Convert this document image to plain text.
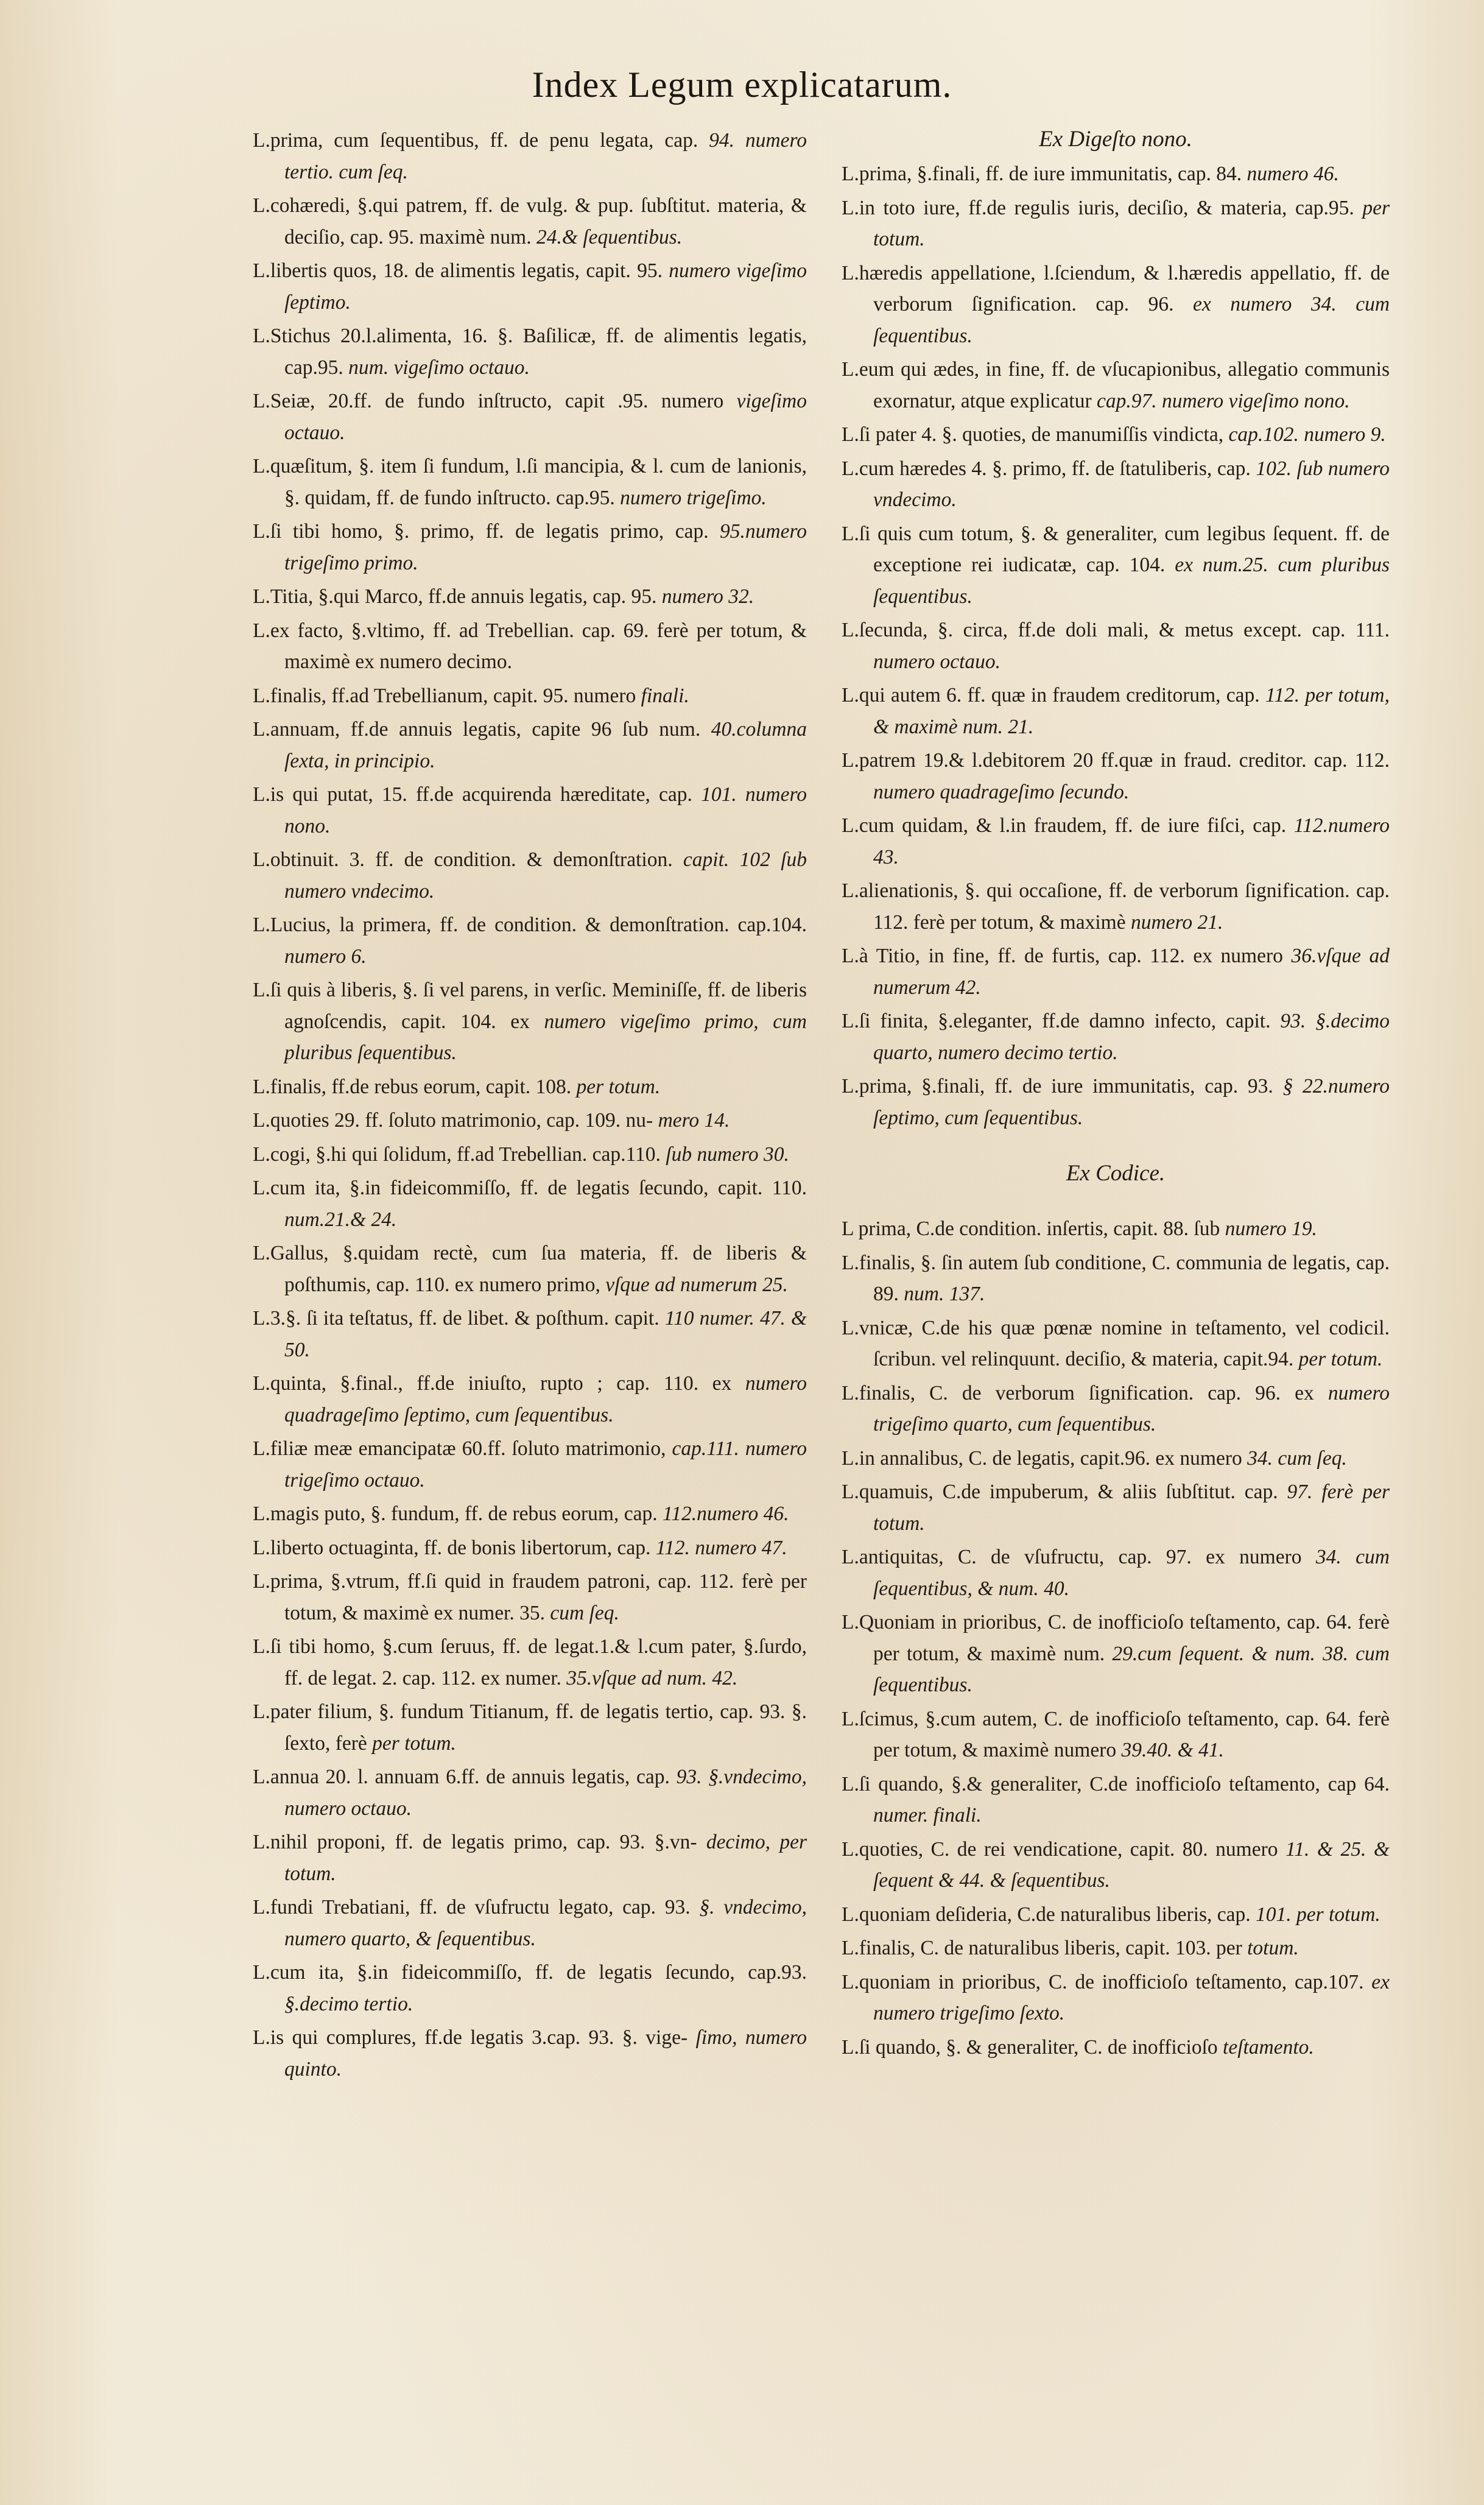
Index Legum explicatarum.

L.prima, cum ſequentibus, ff. de penu legata, cap. 94. numero tertio. cum ſeq.

L.cohæredi, §.qui patrem, ff. de vulg. & pup. ſubſtitut. materia, & deciſio, cap. 95. maximè num. 24.& ſequentibus.

L.libertis quos, 18. de alimentis legatis, capit. 95. numero vigeſimo ſeptimo.

L.Stichus 20.l.alimenta, 16. §. Baſilicæ, ff. de alimentis legatis, cap.95. num. vigeſimo octauo.

L.Seiæ, 20.ff. de fundo inſtructo, capit .95. numero vigeſimo octauo.

L.quæſitum, §. item ſi fundum, l.ſi mancipia, & l. cum de lanionis, §. quidam, ff. de fundo inſtructo. cap.95. numero trigeſimo.

L.ſi tibi homo, §. primo, ff. de legatis primo, cap. 95.numero trigeſimo primo.

L.Titia, §.qui Marco, ff.de annuis legatis, cap. 95. numero 32.

L.ex facto, §.vltimo, ff. ad Trebellian. cap. 69. ferè per totum, & maximè ex numero decimo.

L.finalis, ff.ad Trebellianum, capit. 95. numero finali.

L.annuam, ff.de annuis legatis, capite 96 ſub num. 40.columna ſexta, in principio.

L.is qui putat, 15. ff.de acquirenda hæreditate, cap. 101. numero nono.

L.obtinuit. 3. ff. de condition. & demonſtration. capit. 102 ſub numero vndecimo.

L.Lucius, la primera, ff. de condition. & demonſtration. cap.104. numero 6.

L.ſi quis à liberis, §. ſi vel parens, in verſic. Meminiſſe, ff. de liberis agnoſcendis, capit. 104. ex numero vigeſimo primo, cum pluribus ſequentibus.

L.finalis, ff.de rebus eorum, capit. 108. per totum.

L.quoties 29. ff. ſoluto matrimonio, cap. 109. nu- mero 14.

L.cogi, §.hi qui ſolidum, ff.ad Trebellian. cap.110. ſub numero 30.

L.cum ita, §.in fideicommiſſo, ff. de legatis ſecundo, capit. 110. num.21.& 24.

L.Gallus, §.quidam rectè, cum ſua materia, ff. de liberis & poſthumis, cap. 110. ex numero primo, vſque ad numerum 25.

L.3.§. ſi ita teſtatus, ff. de libet. & poſthum. capit. 110 numer. 47. & 50.

L.quinta, §.final., ff.de iniuſto, rupto ; cap. 110. ex numero quadrageſimo ſeptimo, cum ſequentibus.

L.filiæ meæ emancipatæ 60.ff. ſoluto matrimonio, cap.111. numero trigeſimo octauo.

L.magis puto, §. fundum, ff. de rebus eorum, cap. 112.numero 46.

L.liberto octuaginta, ff. de bonis libertorum, cap. 112. numero 47.

L.prima, §.vtrum, ff.ſi quid in fraudem patroni, cap. 112. ferè per totum, & maximè ex numer. 35. cum ſeq.

L.ſi tibi homo, §.cum ſeruus, ff. de legat.1.& l.cum pater, §.ſurdo, ff. de legat. 2. cap. 112. ex numer. 35.vſque ad num. 42.

L.pater filium, §. fundum Titianum, ff. de legatis tertio, cap. 93. §. ſexto, ferè per totum.

L.annua 20. l. annuam 6.ff. de annuis legatis, cap. 93. §.vndecimo, numero octauo.

L.nihil proponi, ff. de legatis primo, cap. 93. §.vn- decimo, per totum.

L.fundi Trebatiani, ff. de vſufructu legato, cap. 93. §. vndecimo, numero quarto, & ſequentibus.

L.cum ita, §.in fideicommiſſo, ff. de legatis ſecundo, cap.93. §.decimo tertio.

L.is qui complures, ff.de legatis 3.cap. 93. §. vige- ſimo, numero quinto.

Ex Digeſto nono.

L.prima, §.finali, ff. de iure immunitatis, cap. 84. numero 46.

L.in toto iure, ff.de regulis iuris, deciſio, & materia, cap.95. per totum.

L.hæredis appellatione, l.ſciendum, & l.hæredis appellatio, ff. de verborum ſignification. cap. 96. ex numero 34. cum ſequentibus.

L.eum qui ædes, in fine, ff. de vſucapionibus, allegatio communis exornatur, atque explicatur cap.97. numero vigeſimo nono.

L.ſi pater 4. §. quoties, de manumiſſis vindicta, cap.102. numero 9.

L.cum hæredes 4. §. primo, ff. de ſtatuliberis, cap. 102. ſub numero vndecimo.

L.ſi quis cum totum, §. & generaliter, cum legibus ſequent. ff. de exceptione rei iudicatæ, cap. 104. ex num.25. cum pluribus ſequentibus.

L.ſecunda, §. circa, ff.de doli mali, & metus except. cap. 111. numero octauo.

L.qui autem 6. ff. quæ in fraudem creditorum, cap. 112. per totum, & maximè num. 21.

L.patrem 19.& l.debitorem 20 ff.quæ in fraud. creditor. cap. 112. numero quadrageſimo ſecundo.

L.cum quidam, & l.in fraudem, ff. de iure fiſci, cap. 112.numero 43.

L.alienationis, §. qui occaſione, ff. de verborum ſignification. cap. 112. ferè per totum, & maximè numero 21.

L.à Titio, in fine, ff. de furtis, cap. 112. ex numero 36.vſque ad numerum 42.

L.ſi finita, §.eleganter, ff.de damno infecto, capit. 93. §.decimo quarto, numero decimo tertio.

L.prima, §.finali, ff. de iure immunitatis, cap. 93. § 22.numero ſeptimo, cum ſequentibus.

Ex Codice.

L prima, C.de condition. inſertis, capit. 88. ſub numero 19.

L.finalis, §. ſin autem ſub conditione, C. communia de legatis, cap. 89. num. 137.

L.vnicæ, C.de his quæ pœnæ nomine in teſtamento, vel codicil. ſcribun. vel relinquunt. deciſio, & materia, capit.94. per totum.

L.finalis, C. de verborum ſignification. cap. 96. ex numero trigeſimo quarto, cum ſequentibus.

L.in annalibus, C. de legatis, capit.96. ex numero 34. cum ſeq.

L.quamuis, C.de impuberum, & aliis ſubſtitut. cap. 97. ferè per totum.

L.antiquitas, C. de vſufructu, cap. 97. ex numero 34. cum ſequentibus, & num. 40.

L.Quoniam in prioribus, C. de inofficioſo teſtamento, cap. 64. ferè per totum, & maximè num. 29.cum ſequent. & num. 38. cum ſequentibus.

L.ſcimus, §.cum autem, C. de inofficioſo teſtamento, cap. 64. ferè per totum, & maximè numero 39.40. & 41.

L.ſi quando, §.& generaliter, C.de inofficioſo teſtamento, cap 64. numer. finali.

L.quoties, C. de rei vendicatione, capit. 80. numero 11. & 25. & ſequent & 44. & ſequentibus.

L.quoniam deſideria, C.de naturalibus liberis, cap. 101. per totum.

L.finalis, C. de naturalibus liberis, capit. 103. per totum.

L.quoniam in prioribus, C. de inofficioſo teſtamento, cap.107. ex numero trigeſimo ſexto.

L.ſi quando, §. & generaliter, C. de inofficioſo teſtamento.
